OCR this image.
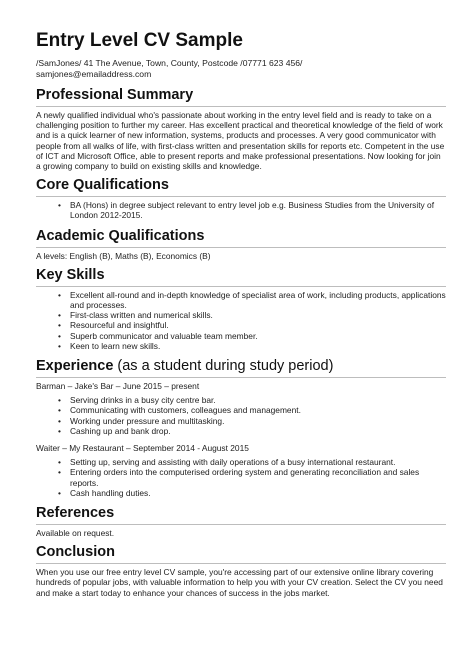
Entry Level CV Sample
/SamJones/ 41 The Avenue, Town, County, Postcode /07771 623 456/
samjones@emailaddress.com
Professional Summary

A newly qualified individual who's passionate about working in the entry level field and is ready to take on a challenging position to further my career. Has excellent practical and theoretical knowledge of the field of work and is a quick learner of new information, systems, products and processes. A very good communicator with people from all walks of life, with first-class written and presentation skills for reports etc. Competent in the use of ICT and Microsoft Office, able to present reports and make professional presentations. Now looking for join a growing company to build on existing skills and knowledge.

Core Qualifications
• BA (Hons) in degree subject relevant to entry level job e.g. Business Studies from the University of London 2012-2015.
Academic Qualifications

A levels: English (B), Maths (B), Economics (B)

Key Skills
• Excellent all-round and in-depth knowledge of specialist area of work, including products, applications and processes.
• First-class written and numerical skills.
• Resourceful and insightful.
• Superb communicator and valuable team member.
• Keen to learn new skills.
Experience (as a student during study period)
Barman – Jake's Bar – June 2015 – present
• Serving drinks in a busy city centre bar.
• Communicating with customers, colleagues and management.
• Working under pressure and multitasking.
• Cashing up and bank drop.
Waiter – My Restaurant – September 2014 - August 2015
• Setting up, serving and assisting with daily operations of a busy international restaurant.
• Entering orders into the computerised ordering system and generating reconciliation and sales reports.
• Cash handling duties.
References

Available on request.

Conclusion

When you use our free entry level CV sample, you're accessing part of our extensive online library covering hundreds of popular jobs, with valuable information to help you with your CV creation. Select the CV you need and make a start today to enhance your chances of success in the jobs market.
